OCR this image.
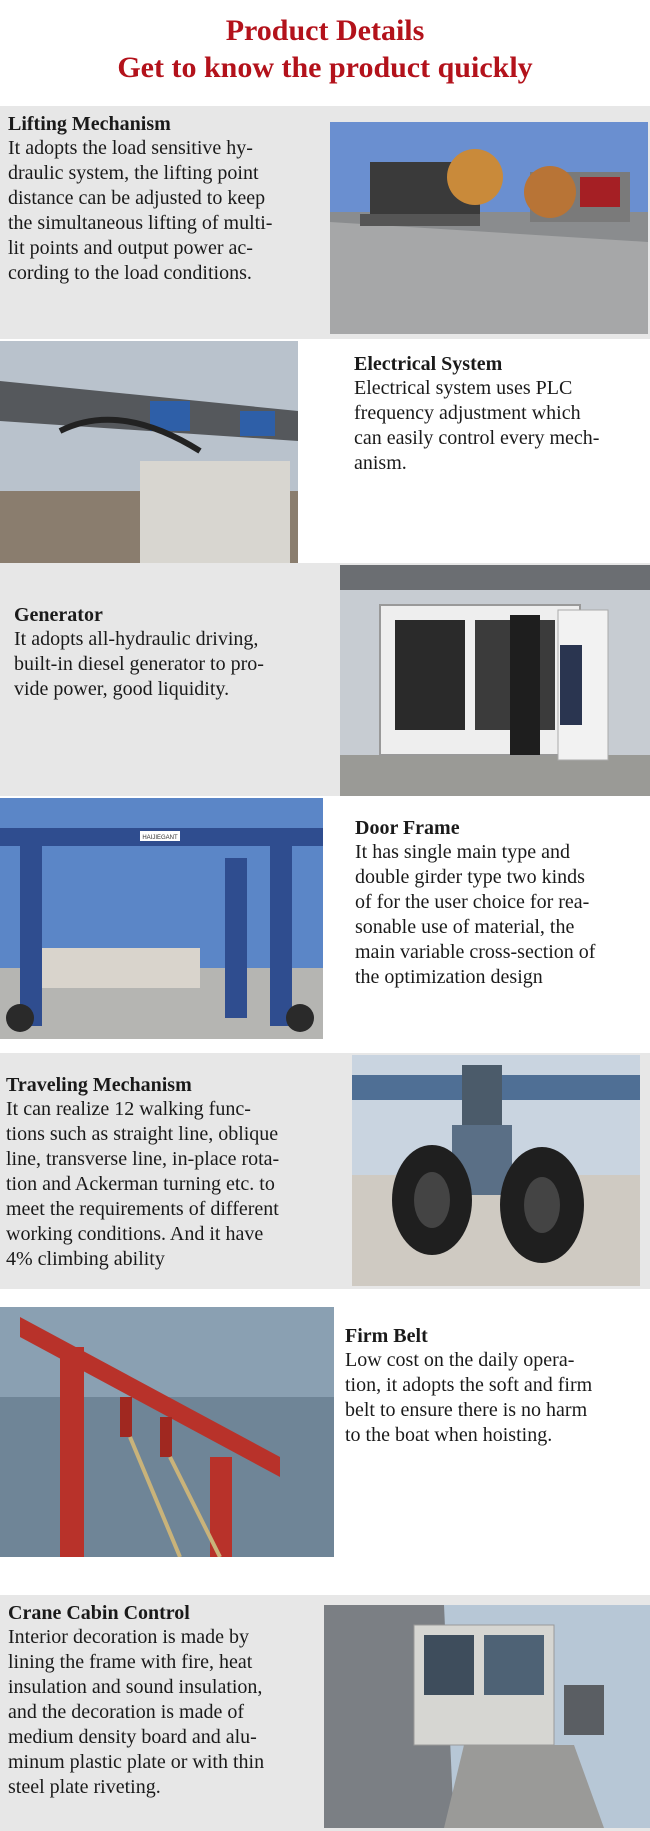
Product Details
Get to know the product quickly
Lifting Mechanism
It adopts the load sensitive hy-
draulic system, the lifting point
distance can be adjusted to keep
the simultaneous lifting of multi-
lit points and output power ac-
cording to the load conditions.
Electrical System
Electrical system uses PLC
frequency adjustment which
can easily control every mech-
anism.
Generator
It adopts all-hydraulic driving,
built-in diesel generator to pro-
vide power, good liquidity.
HAIJIEGANT	Door Frame
It has single main type and
double girder type two kinds
of for the user choice for rea-
sonable use of material, the
main variable cross-section of
the optimization design
Traveling Mechanism
It can realize 12 walking func-
tions such as straight line, oblique
line, transverse line, in-place rota-
tion and Ackerman turning etc. to
meet the requirements of different
working conditions. And it have
4% climbing ability
Firm Belt
Low cost on the daily opera-
tion, it adopts the soft and firm
belt to ensure there is no harm
to the boat when hoisting.
Crane Cabin Control
Interior decoration is made by
lining the frame with fire, heat
insulation and sound insulation,
and the decoration is made of
medium density board and alu-
minum plastic plate or with thin
steel plate riveting.
